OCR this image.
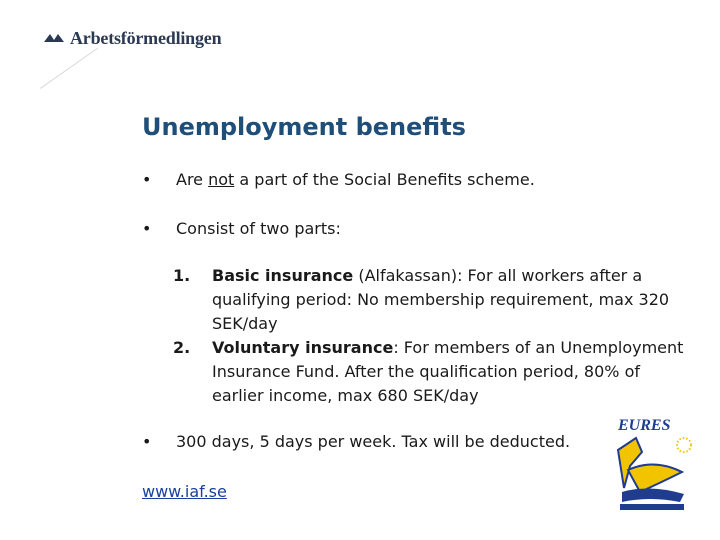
Arbetsförmedlingen
Unemployment benefits
•	Are not a part of the Social Benefits scheme.
•	Consist of two parts:
1. Basic insurance (Alfakassan): For all workers after a qualifying period: No membership requirement, max 320 SEK/day
2. Voluntary insurance: For members of an Unemployment Insurance Fund. After the qualification period, 80% of earlier income, max 680 SEK/day
•	300 days, 5 days per week. Tax will be deducted.
www.iaf.se
EURES
